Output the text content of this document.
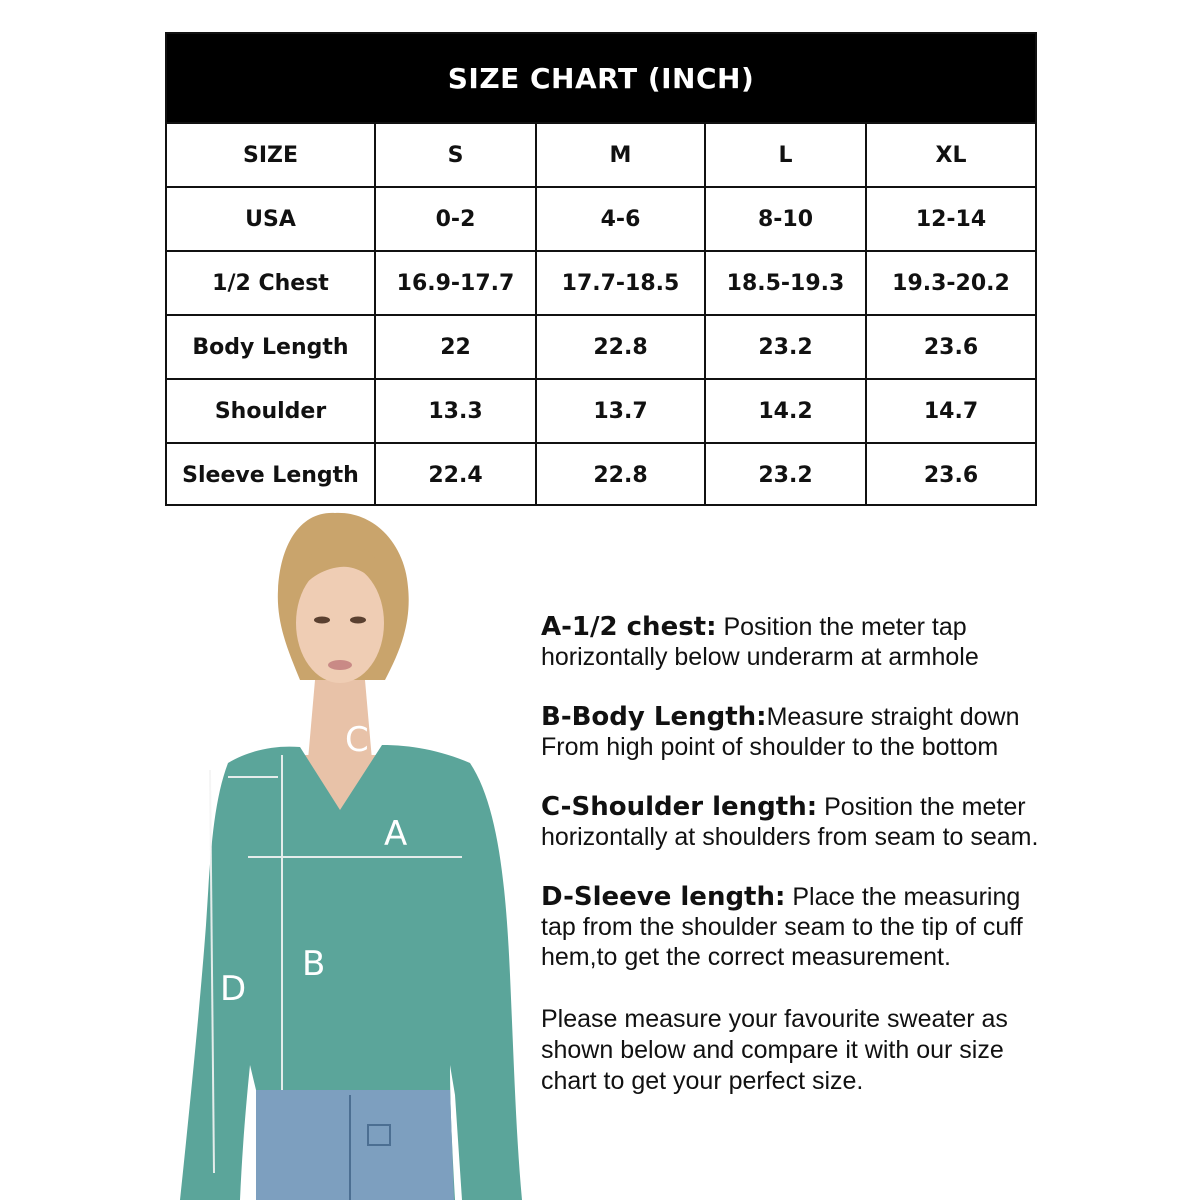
SIZE CHART (INCH)
SIZE	S	M	L	XL
USA	0-2	4-6	8-10	12-14
1/2 Chest	16.9-17.7	17.7-18.5	18.5-19.3	19.3-20.2
Body Length	22	22.8	23.2	23.6
Shoulder	13.3	13.7	14.2	14.7
Sleeve Length	22.4	22.8	23.2	23.6
C
A
B
D
A-1/2 chest: Position the meter tap horizontally below underarm at armhole
B-Body Length:Measure straight down From high point of shoulder to the bottom
C-Shoulder length: Position the meter horizontally at shoulders from seam to seam.
D-Sleeve length: Place the measuring tap from the shoulder seam to the tip of cuff hem,to get the correct measurement.
Please measure your favourite sweater as shown below and compare it with our size chart to get your perfect size.
